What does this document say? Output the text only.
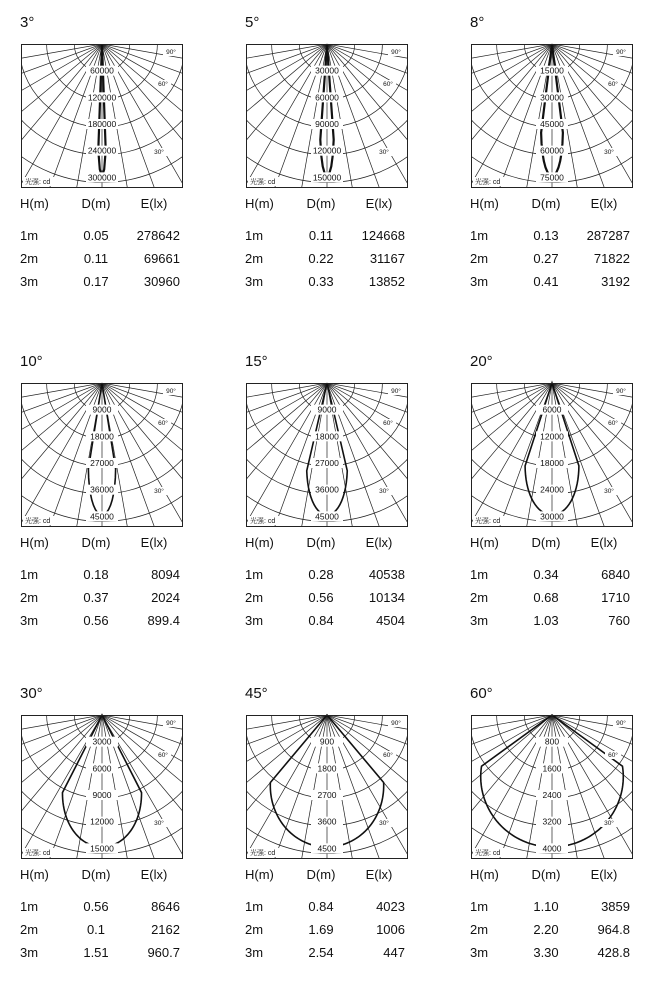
3°
60000
120000
180000
240000
300000
90°
60°
30°
光强: cd
H(m)	D(m)	E(lx)
1m	0.05	278642
2m	0.11	69661
3m	0.17	30960
5°
30000
60000
90000
120000
150000
90°
60°
30°
光强: cd
H(m)	D(m)	E(lx)
1m	0.11	124668
2m	0.22	31167
3m	0.33	13852
8°
15000
30000
45000
60000
75000
90°
60°
30°
光强: cd
H(m)	D(m)	E(lx)
1m	0.13	287287
2m	0.27	71822
3m	0.41	3192
10°
9000
18000
27000
36000
45000
90°
60°
30°
光强: cd
H(m)	D(m)	E(lx)
1m	0.18	8094
2m	0.37	2024
3m	0.56	899.4
15°
9000
18000
27000
36000
45000
90°
60°
30°
光强: cd
H(m)	D(m)	E(lx)
1m	0.28	40538
2m	0.56	10134
3m	0.84	4504
20°
6000
12000
18000
24000
30000
90°
60°
30°
光强: cd
H(m)	D(m)	E(lx)
1m	0.34	6840
2m	0.68	1710
3m	1.03	760
30°
3000
6000
9000
12000
15000
90°
60°
30°
光强: cd
H(m)	D(m)	E(lx)
1m	0.56	8646
2m	0.1	2162
3m	1.51	960.7
45°
900
1800
2700
3600
4500
90°
60°
30°
光强: cd
H(m)	D(m)	E(lx)
1m	0.84	4023
2m	1.69	1006
3m	2.54	447
60°
800
1600
2400
3200
4000
90°
60°
30°
光强: cd
H(m)	D(m)	E(lx)
1m	1.10	3859
2m	2.20	964.8
3m	3.30	428.8
